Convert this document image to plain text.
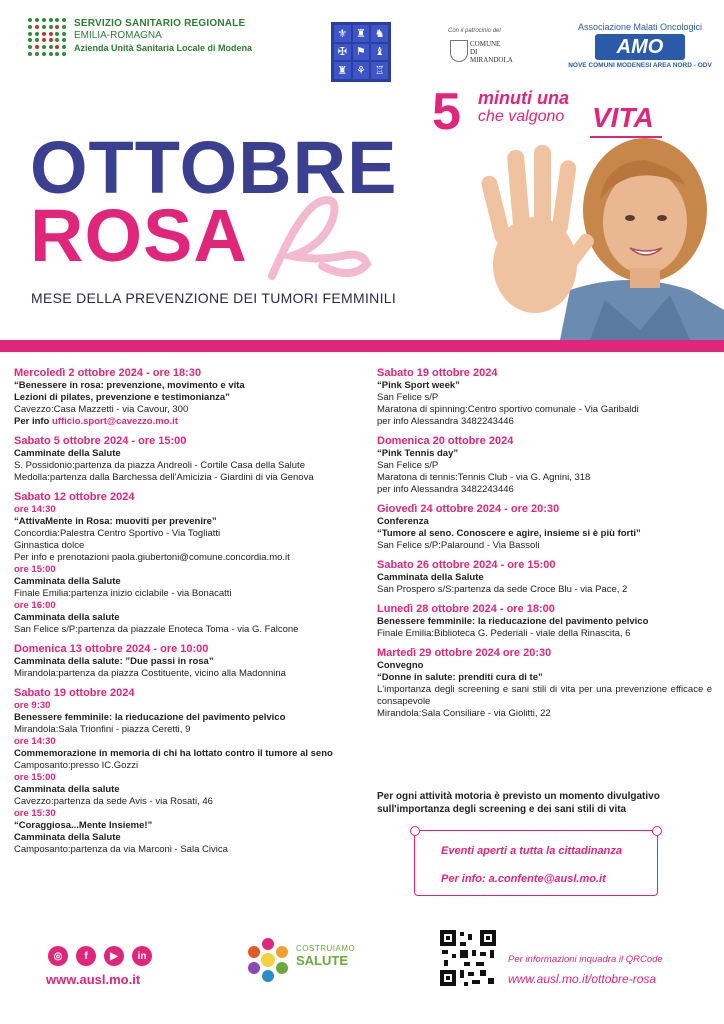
SERVIZIO SANITARIO REGIONALE
EMILIA-ROMAGNA
Azienda Unità Sanitaria Locale di Modena
⚜ ♜ ♞
✠ ⚑ ♝
♜ ⚘ ♖
Con il patrocinio del
COMUNE
DI
MIRANDOLA
Associazione Malati Oncologici
AMO
NOVE COMUNI MODENESI AREA NORD - ODV
5 minuti una
che valgono VITA
OTTOBRE
ROSA
MESE DELLA PREVENZIONE DEI TUMORI FEMMINILI
Mercoledì 2 ottobre 2024 - ore 18:30
“Benessere in rosa: prevenzione, movimento e vita
Lezioni di pilates, prevenzione e testimonianza”
Cavezzo:Casa Mazzetti - via Cavour, 300
Per info ufficio.sport@cavezzo.mo.it
Sabato 5 ottobre 2024 - ore 15:00
Camminate della Salute
S. Possidonio:partenza da piazza Andreoli - Cortile Casa della Salute
Medolla:partenza dalla Barchessa dell'Amicizia - Giardini di via Genova
Sabato 12 ottobre 2024
ore 14:30
“AttivaMente in Rosa: muoviti per prevenire”
Concordia:Palestra Centro Sportivo - Via Togliatti
Ginnastica dolce
Per info e prenotazioni paola.giubertoni@comune.concordia.mo.it
ore 15:00
Camminata della Salute
Finale Emilia:partenza inizio ciclabile - via Bonacatti
ore 16:00
Camminata della salute
San Felice s/P:partenza da piazzale Enoteca Toma - via G. Falcone
Domenica 13 ottobre 2024 - ore 10:00
Camminata della salute: ”Due passi in rosa”
Mirandola:partenza da piazza Costituente, vicino alla Madonnina
Sabato 19 ottobre 2024
ore 9:30
Benessere femminile: la rieducazione del pavimento pelvico
Mirandola:Sala Trionfini - piazza Ceretti, 9
ore 14:30
Commemorazione in memoria di chi ha lottato contro il tumore al seno
Camposanto:presso IC.Gozzi
ore 15:00
Camminata della salute
Cavezzo:partenza da sede Avis - via Rosati, 46
ore 15:30
“Coraggiosa...Mente Insieme!”
Camminata della Salute
Camposanto:partenza da via Marconi - Sala Civica
Sabato 19 ottobre 2024
“Pink Sport week”
San Felice s/P
Maratona di spinning:Centro sportivo comunale - Via Garibaldi
per info Alessandra 3482243446
Domenica 20 ottobre 2024
“Pink Tennis day”
San Felice s/P
Maratona di tennis:Tennis Club - via G. Agnini, 318
per info Alessandra 3482243446
Giovedì 24 ottobre 2024 - ore 20:30
Conferenza
“Tumore al seno. Conoscere e agire, insieme si è più forti”
San Felice s/P:Palaround - Via Bassoli
Sabato 26 ottobre 2024 - ore 15:00
Camminata della Salute
San Prospero s/S:partenza da sede Croce Blu - via Pace, 2
Lunedì 28 ottobre 2024 - ore 18:00
Benessere femminile: la rieducazione del pavimento pelvico
Finale Emilia:Biblioteca G. Pederiali - viale della Rinascita, 6
Martedì 29 ottobre 2024 ore 20:30
Convegno
“Donne in salute: prenditi cura di te”
L'importanza degli screening e sani stili di vita per una prevenzione efficace e consapevole
Mirandola:Sala Consiliare - via Giolitti, 22
Per ogni attività motoria è previsto un momento divulgativo sull'importanza degli screening e dei sani stili di vita
Eventi aperti a tutta la cittadinanza
Per info: a.confente@ausl.mo.it
◎	f	▶	in
www.ausl.mo.it
COSTRUIAMO
SALUTE	Per informazioni inquadra il QRCode
www.ausl.mo.it/ottobre-rosa
